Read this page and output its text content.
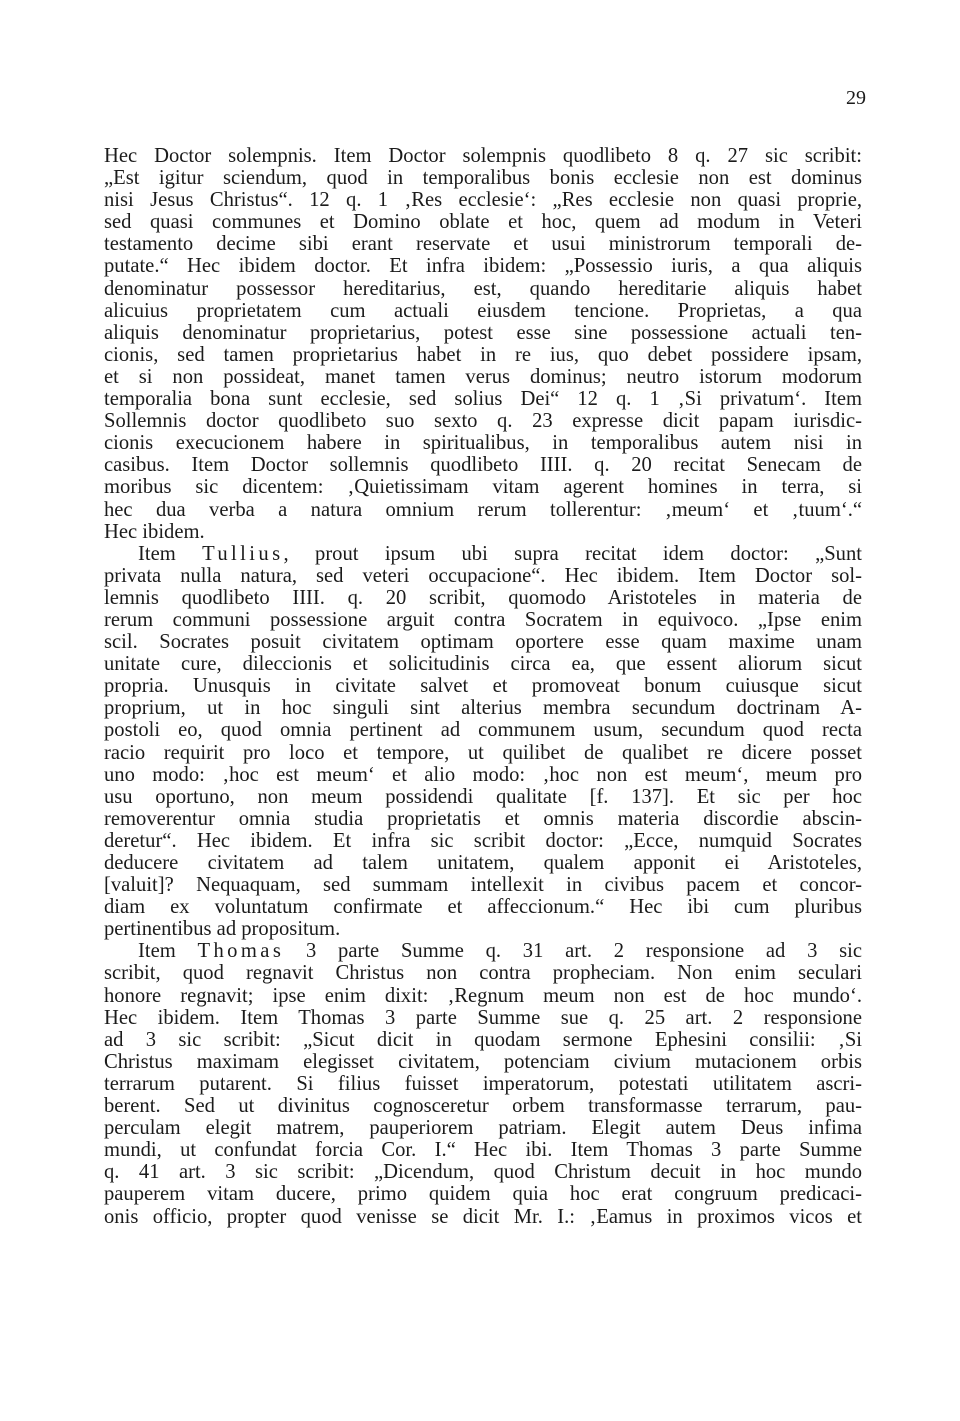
29
Hec Doctor solempnis. Item Doctor solempnis quodlibeto 8 q. 27 sic scribit:
„Est igitur sciendum, quod in temporalibus bonis ecclesie non est dominus
nisi Jesus Christus“. 12 q. 1 ‚Res ecclesie‘: „Res ecclesie non quasi proprie,
sed quasi communes et Domino oblate et hoc, quem ad modum in Veteri
testamento decime sibi erant reservate et usui ministrorum temporali de-
putate.“ Hec ibidem doctor. Et infra ibidem: „Possessio iuris, a qua aliquis
denominatur possessor hereditarius, est, quando hereditarie aliquis habet
alicuius proprietatem cum actuali eiusdem tencione. Proprietas, a qua
aliquis denominatur proprietarius, potest esse sine possessione actuali ten-
cionis, sed tamen proprietarius habet in re ius, quo debet possidere ipsam,
et si non possideat, manet tamen verus dominus; neutro istorum modorum
temporalia bona sunt ecclesie, sed solius Dei“ 12 q. 1 ‚Si privatum‘. Item
Sollemnis doctor quodlibeto suo sexto q. 23 expresse dicit papam iurisdic-
cionis execucionem habere in spiritualibus, in temporalibus autem nisi in
casibus. Item Doctor sollemnis quodlibeto IIII. q. 20 recitat Senecam de
moribus sic dicentem: ‚Quietissimam vitam agerent homines in terra, si
hec dua verba a natura omnium rerum tollerentur: ‚meum‘ et ‚tuum‘.“
Hec ibidem.
Item Tullius, prout ipsum ubi supra recitat idem doctor: „Sunt
privata nulla natura, sed veteri occupacione“. Hec ibidem. Item Doctor sol-
lemnis quodlibeto IIII. q. 20 scribit, quomodo Aristoteles in materia de
rerum communi possessione arguit contra Socratem in equivoco. „Ipse enim
scil. Socrates posuit civitatem optimam oportere esse quam maxime unam
unitate cure, dileccionis et solicitudinis circa ea, que essent aliorum sicut
propria. Unusquis in civitate salvet et promoveat bonum cuiusque sicut
proprium, ut in hoc singuli sint alterius membra secundum doctrinam A-
postoli eo, quod omnia pertinent ad communem usum, secundum quod recta
racio requirit pro loco et tempore, ut quilibet de qualibet re dicere posset
uno modo: ‚hoc est meum‘ et alio modo: ‚hoc non est meum‘, meum pro
usu oportuno, non meum possidendi qualitate [f. 137]. Et sic per hoc
removerentur omnia studia proprietatis et omnis materia discordie abscin-
deretur“. Hec ibidem. Et infra sic scribit doctor: „Ecce, numquid Socrates
deducere civitatem ad talem unitatem, qualem apponit ei Aristoteles,
[valuit]? Nequaquam, sed summam intellexit in civibus pacem et concor-
diam ex voluntatum confirmate et affeccionum.“ Hec ibi cum pluribus
pertinentibus ad propositum.
Item Thomas 3 parte Summe q. 31 art. 2 responsione ad 3 sic
scribit, quod regnavit Christus non contra propheciam. Non enim seculari
honore regnavit; ipse enim dixit: ‚Regnum meum non est de hoc mundo‘.
Hec ibidem. Item Thomas 3 parte Summe sue q. 25 art. 2 responsione
ad 3 sic scribit: „Sicut dicit in quodam sermone Ephesini consilii: ‚Si
Christus maximam elegisset civitatem, potenciam civium mutacionem orbis
terrarum putarent. Si filius fuisset imperatorum, potestati utilitatem ascri-
berent. Sed ut divinitus cognosceretur orbem transformasse terrarum, pau-
perculam elegit matrem, pauperiorem patriam. Elegit autem Deus infima
mundi, ut confundat forcia Cor. I.“ Hec ibi. Item Thomas 3 parte Summe
q. 41 art. 3 sic scribit: „Dicendum, quod Christum decuit in hoc mundo
pauperem vitam ducere, primo quidem quia hoc erat congruum predicaci-
onis officio, propter quod venisse se dicit Mr. I.: ‚Eamus in proximos vicos et
